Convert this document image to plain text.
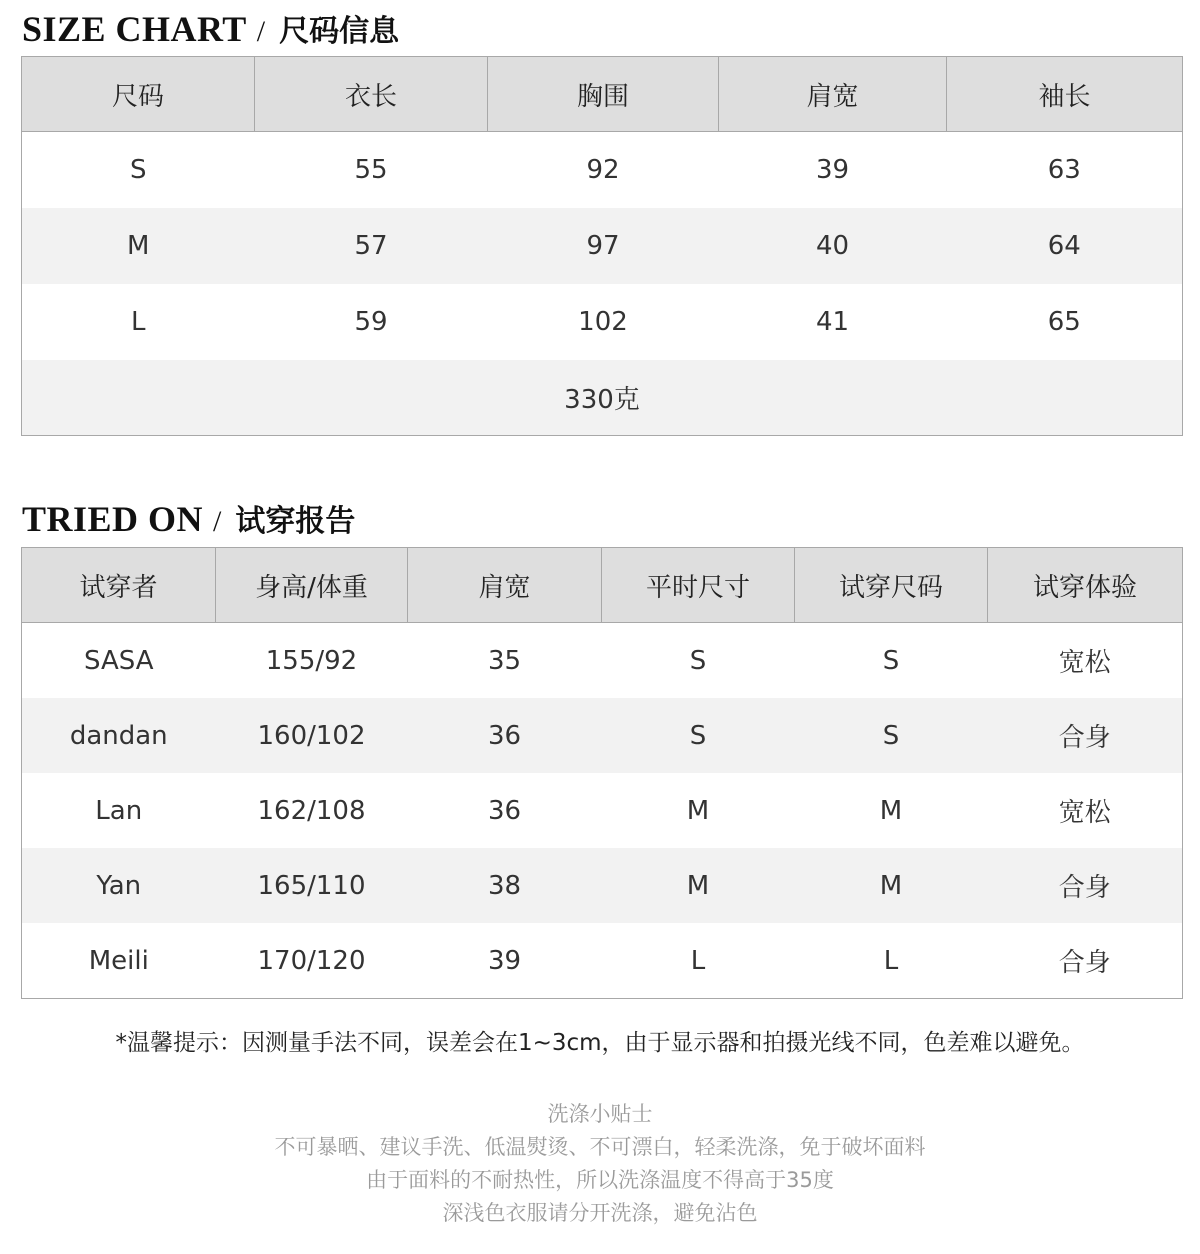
SIZE CHART / 尺码信息
尺码	衣长	胸围	肩宽	袖长
S	55	92	39	63
M	57	97	40	64
L	59	102	41	65
330克				
TRIED ON / 试穿报告
试穿者	身高/体重	肩宽	平时尺寸	试穿尺码	试穿体验
SASA	155/92	35	S	S	宽松
dandan	160/102	36	S	S	合身
Lan	162/108	36	M	M	宽松
Yan	165/110	38	M	M	合身
Meili	170/120	39	L	L	合身
*温馨提示：因测量手法不同，误差会在1~3cm，由于显示器和拍摄光线不同，色差难以避免。
洗涤小贴士
不可暴晒、建议手洗、低温熨烫、不可漂白，轻柔洗涤，免于破坏面料
由于面料的不耐热性，所以洗涤温度不得高于35度
深浅色衣服请分开洗涤，避免沾色
